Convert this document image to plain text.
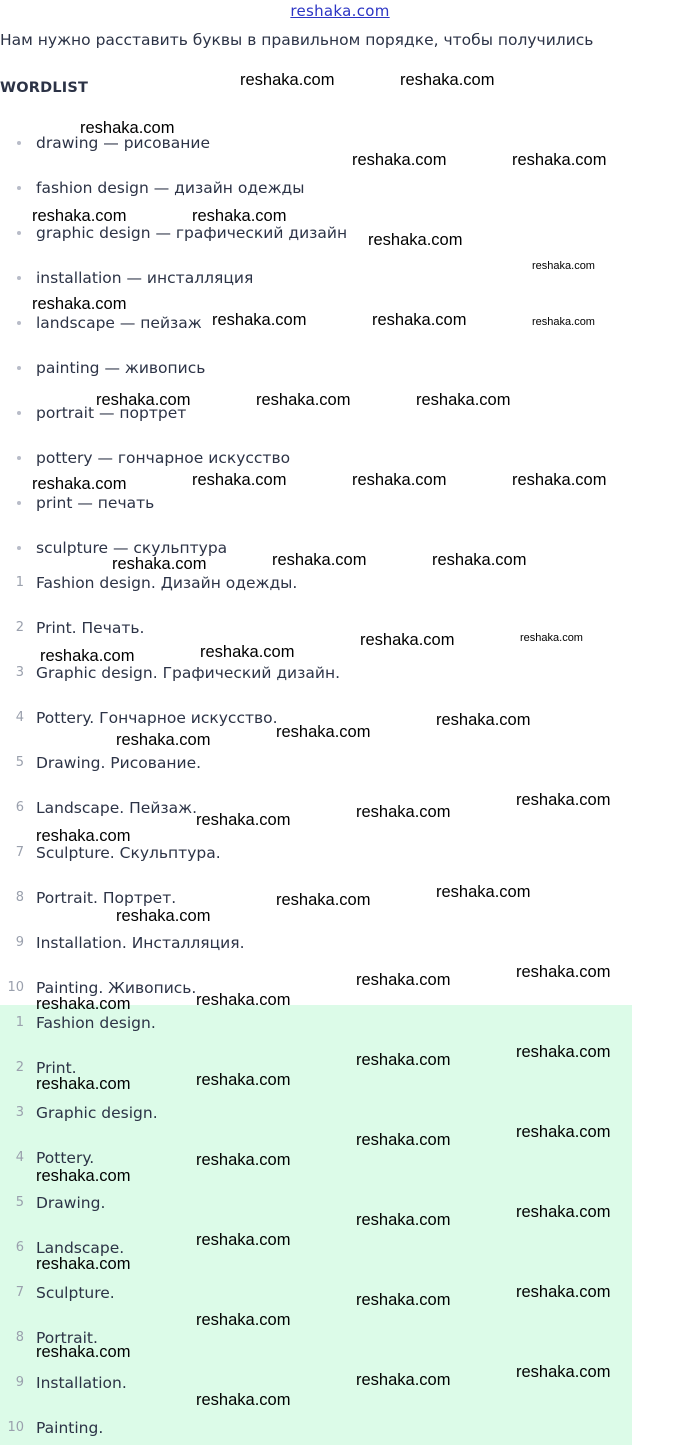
reshaka.com
Нам нужно расставить буквы в правильном порядке, чтобы получились
WORDLIST
drawing — рисование
fashion design — дизайн одежды
graphic design — графический дизайн
installation — инсталляция
landscape — пейзаж
painting — живопись
portrait — портрет
pottery — гончарное искусство
print — печать
sculpture — скульптура
1 Fashion design. Дизайн одежды.
2 Print. Печать.
3 Graphic design. Графический дизайн.
4 Pottery. Гончарное искусство.
5 Drawing. Рисование.
6 Landscape. Пейзаж.
7 Sculpture. Скульптура.
8 Portrait. Портрет.
9 Installation. Инсталляция.
10 Painting. Живопись.
1 Fashion design.
2 Print.
3 Graphic design.
4 Pottery.
5 Drawing.
6 Landscape.
7 Sculpture.
8 Portrait.
9 Installation.
10 Painting.
reshaka.com	reshaka.com
reshaka.com
reshaka.com	reshaka.com
reshaka.com	reshaka.com
reshaka.com
reshaka.com
reshaka.com
reshaka.com	reshaka.com	reshaka.com
reshaka.com	reshaka.com	reshaka.com
reshaka.com	reshaka.com	reshaka.com	reshaka.com
reshaka.com	reshaka.com	reshaka.com
reshaka.com	reshaka.com
reshaka.com	reshaka.com
reshaka.com	reshaka.com
reshaka.com
reshaka.com
reshaka.com	reshaka.com
reshaka.com
reshaka.com
reshaka.com
reshaka.com
reshaka.com
reshaka.com
reshaka.com
reshaka.com
reshaka.com
reshaka.com
reshaka.com
reshaka.com
reshaka.com
reshaka.com
reshaka.com
reshaka.com
reshaka.com
reshaka.com
reshaka.com
reshaka.com
reshaka.com
reshaka.com
reshaka.com
reshaka.com
reshaka.com
reshaka.com
reshaka.com
